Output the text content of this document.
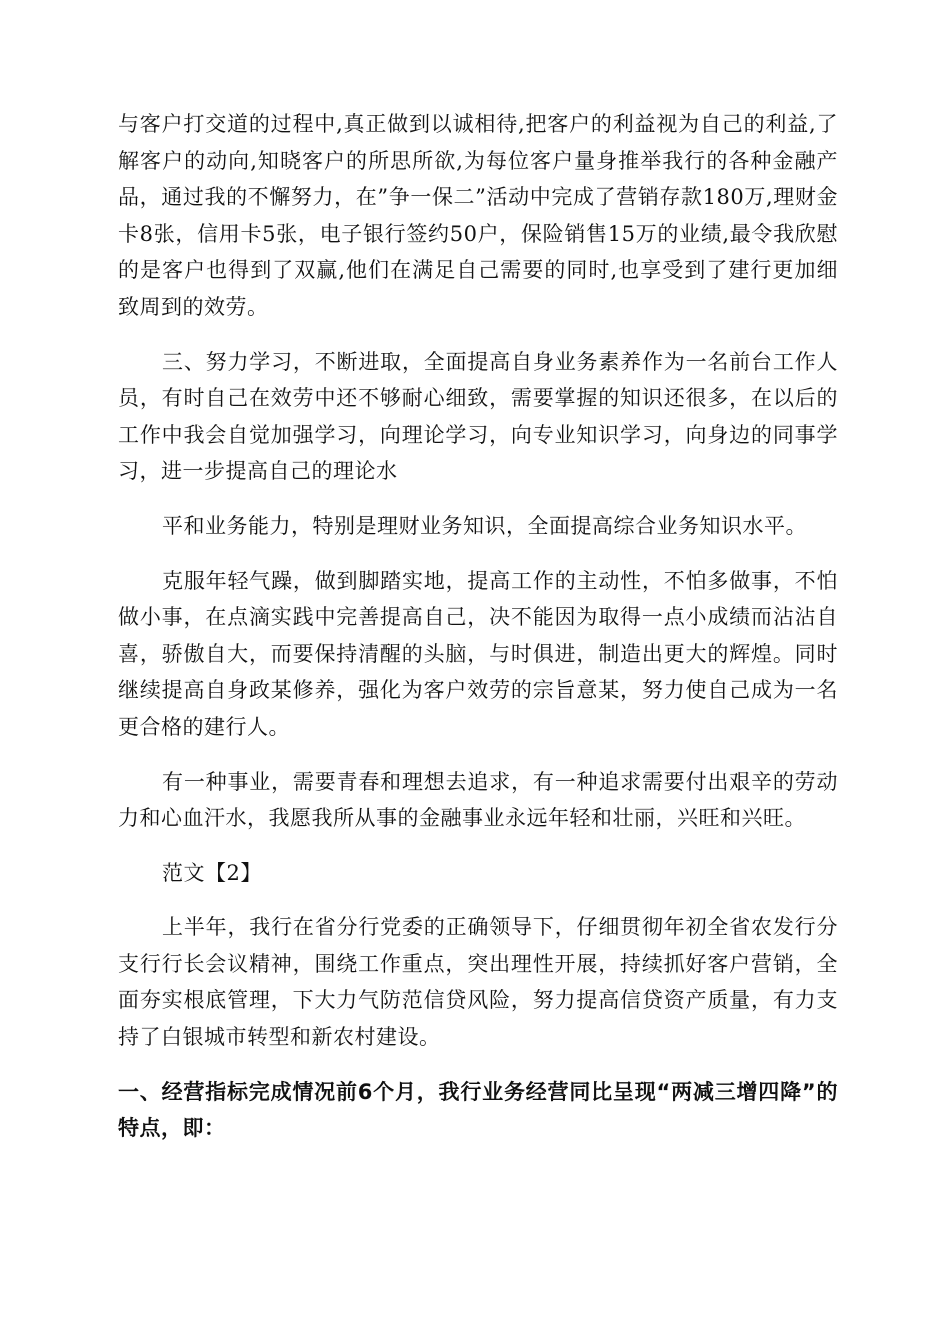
与客户打交道的过程中,真正做到以诚相待,把客户的利益视为自己的利益,了解客户的动向,知晓客户的所思所欲,为每位客户量身推举我行的各种金融产品，通过我的不懈努力，在”争一保二”活动中完成了营销存款180万,理财金卡8张，信用卡5张，电子银行签约50户，保险销售15万的业绩,最令我欣慰的是客户也得到了双赢,他们在满足自己需要的同时,也享受到了建行更加细致周到的效劳。

三、努力学习，不断进取，全面提高自身业务素养作为一名前台工作人员，有时自己在效劳中还不够耐心细致，需要掌握的知识还很多，在以后的工作中我会自觉加强学习，向理论学习，向专业知识学习，向身边的同事学习，进一步提高自己的理论水

平和业务能力，特别是理财业务知识，全面提高综合业务知识水平。

克服年轻气躁，做到脚踏实地，提高工作的主动性，不怕多做事，不怕做小事，在点滴实践中完善提高自己，决不能因为取得一点小成绩而沾沾自喜，骄傲自大，而要保持清醒的头脑，与时俱进，制造出更大的辉煌。同时继续提高自身政某修养，强化为客户效劳的宗旨意某，努力使自己成为一名更合格的建行人。

有一种事业，需要青春和理想去追求，有一种追求需要付出艰辛的劳动力和心血汗水，我愿我所从事的金融事业永远年轻和壮丽，兴旺和兴旺。

范文【2】

上半年，我行在省分行党委的正确领导下，仔细贯彻年初全省农发行分支行行长会议精神，围绕工作重点，突出理性开展，持续抓好客户营销，全面夯实根底管理，下大力气防范信贷风险，努力提高信贷资产质量，有力支持了白银城市转型和新农村建设。

一、经营指标完成情况前6个月，我行业务经营同比呈现“两减三增四降”的特点，即：
